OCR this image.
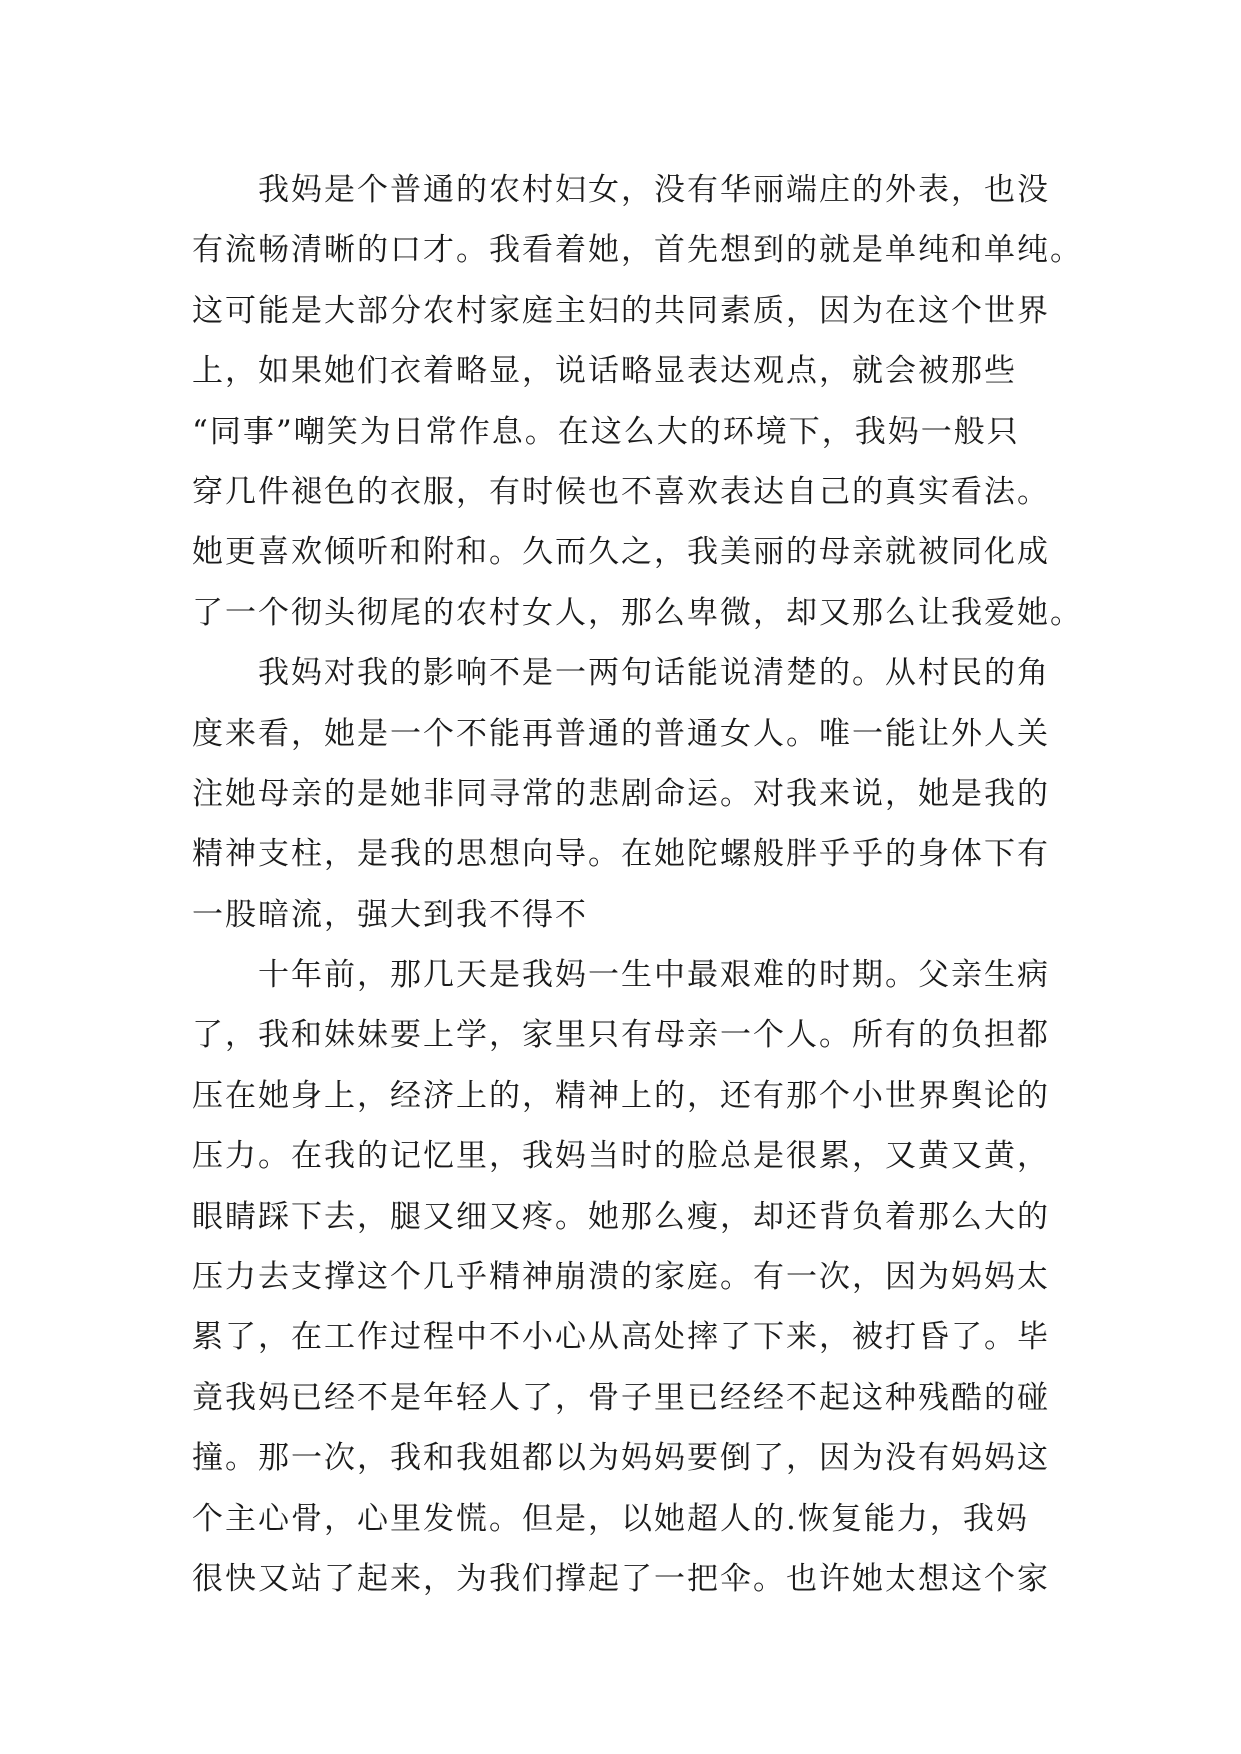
我妈是个普通的农村妇女，没有华丽端庄的外表，也没
有流畅清晰的口才。我看着她，首先想到的就是单纯和单纯。
这可能是大部分农村家庭主妇的共同素质，因为在这个世界
上，如果她们衣着略显，说话略显表达观点，就会被那些
“同事”嘲笑为日常作息。在这么大的环境下，我妈一般只
穿几件褪色的衣服，有时候也不喜欢表达自己的真实看法。
她更喜欢倾听和附和。久而久之，我美丽的母亲就被同化成
了一个彻头彻尾的农村女人，那么卑微，却又那么让我爱她。
我妈对我的影响不是一两句话能说清楚的。从村民的角
度来看，她是一个不能再普通的普通女人。唯一能让外人关
注她母亲的是她非同寻常的悲剧命运。对我来说，她是我的
精神支柱，是我的思想向导。在她陀螺般胖乎乎的身体下有
一股暗流，强大到我不得不
十年前，那几天是我妈一生中最艰难的时期。父亲生病
了，我和妹妹要上学，家里只有母亲一个人。所有的负担都
压在她身上，经济上的，精神上的，还有那个小世界舆论的
压力。在我的记忆里，我妈当时的脸总是很累，又黄又黄，
眼睛踩下去，腿又细又疼。她那么瘦，却还背负着那么大的
压力去支撑这个几乎精神崩溃的家庭。有一次，因为妈妈太
累了，在工作过程中不小心从高处摔了下来，被打昏了。毕
竟我妈已经不是年轻人了，骨子里已经经不起这种残酷的碰
撞。那一次，我和我姐都以为妈妈要倒了，因为没有妈妈这
个主心骨，心里发慌。但是，以她超人的.恢复能力，我妈
很快又站了起来，为我们撑起了一把伞。也许她太想这个家
